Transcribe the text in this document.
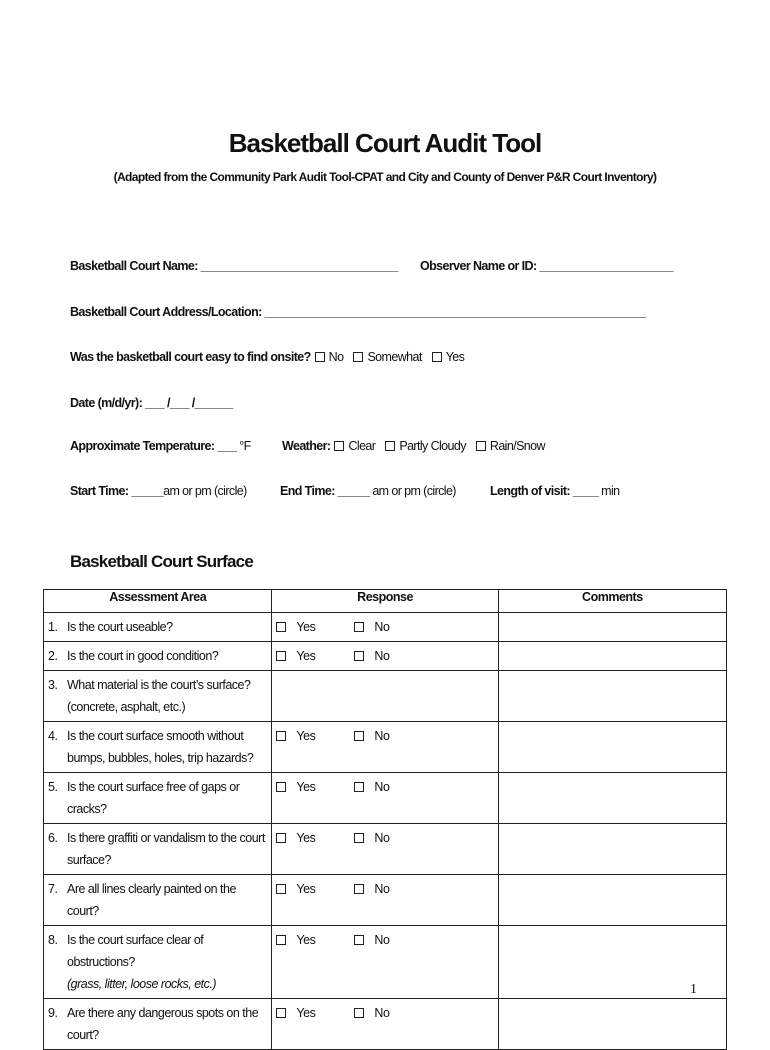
Basketball Court Audit Tool
(Adapted from the Community Park Audit Tool-CPAT and City and County of Denver P&R Court Inventory)
Basketball Court Name: _______________________________ Observer Name or ID: _____________________
Basketball Court Address/Location: ____________________________________________________________
Was the basketball court easy to find onsite? No Somewhat Yes
Date (m/d/yr): ___ /___ /______
Approximate Temperature: ___ °F	Weather: Clear Partly Cloudy Rain/Snow
Start Time: _____am or pm (circle)	End Time: _____ am or pm (circle)	Length of visit: ____ min
Basketball Court Surface
Assessment Area	Response	Comments

1. Is the court useable?	Yes No	

2. Is the court in good condition?	Yes No	

3. What material is the court’s surface? (concrete, asphalt, etc.)		

4. Is the court surface smooth without bumps, bubbles, holes, trip hazards?	Yes No	

5. Is the court surface free of gaps or cracks?	Yes No	

6. Is there graffiti or vandalism to the court surface?	Yes No	

7. Are all lines clearly painted on the court?	Yes No	

8. Is the court surface clear of obstructions?
(grass, litter, loose rocks, etc.)	Yes No	

9. Are there any dangerous spots on the court?	Yes No	

1
